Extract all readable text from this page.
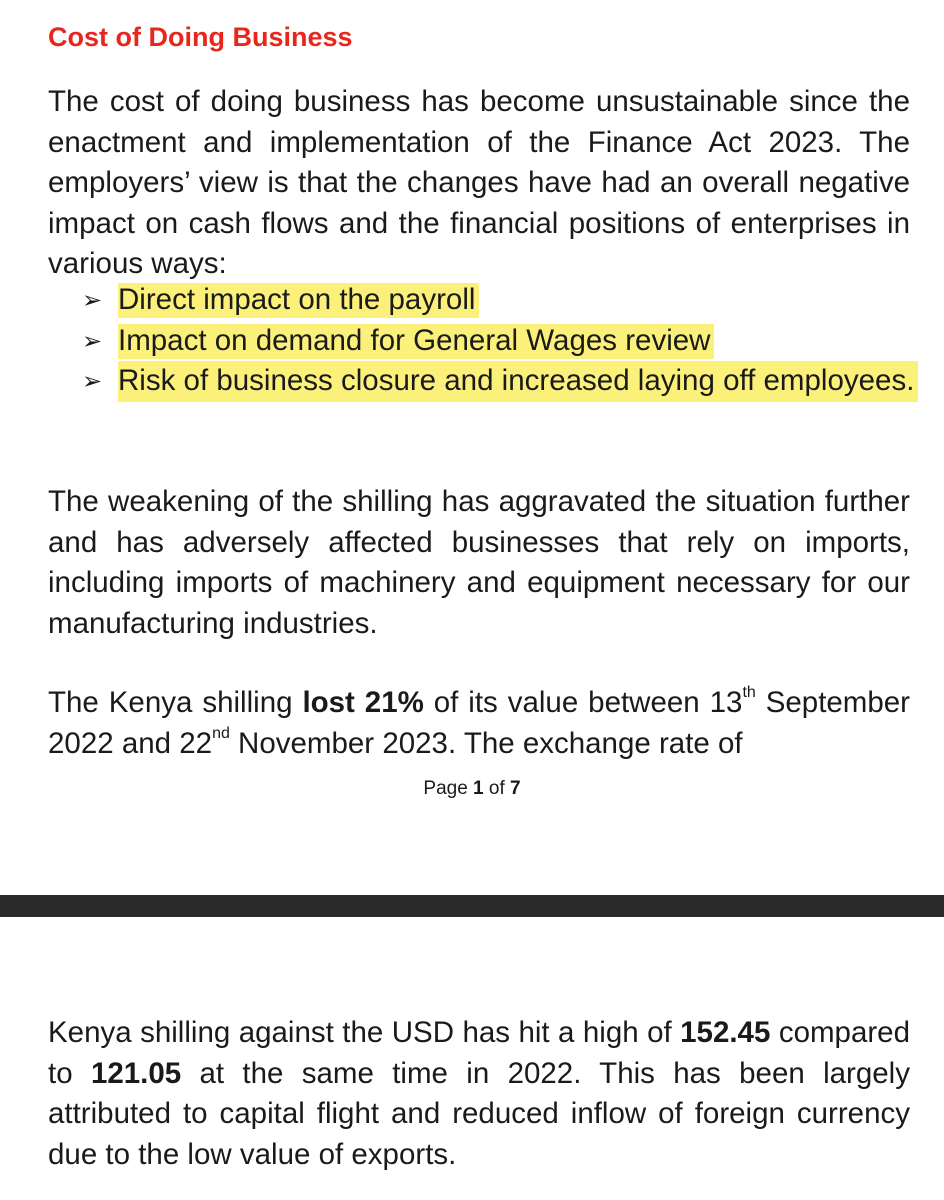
Cost of Doing Business

The cost of doing business has become unsustainable since the enactment and implementation of the Finance Act 2023. The employers’ view is that the changes have had an overall negative impact on cash flows and the financial positions of enterprises in various ways:

➢ Direct impact on the payroll
➢ Impact on demand for General Wages review
➢ Risk of business closure and increased laying off employees.

The weakening of the shilling has aggravated the situation further and has adversely affected businesses that rely on imports, including imports of machinery and equipment necessary for our manufacturing industries.

The Kenya shilling lost 21% of its value between 13th September 2022 and 22nd November 2023. The exchange rate of

Page 1 of 7

Kenya shilling against the USD has hit a high of 152.45 compared to 121.05 at the same time in 2022. This has been largely attributed to capital flight and reduced inflow of foreign currency due to the low value of exports.
